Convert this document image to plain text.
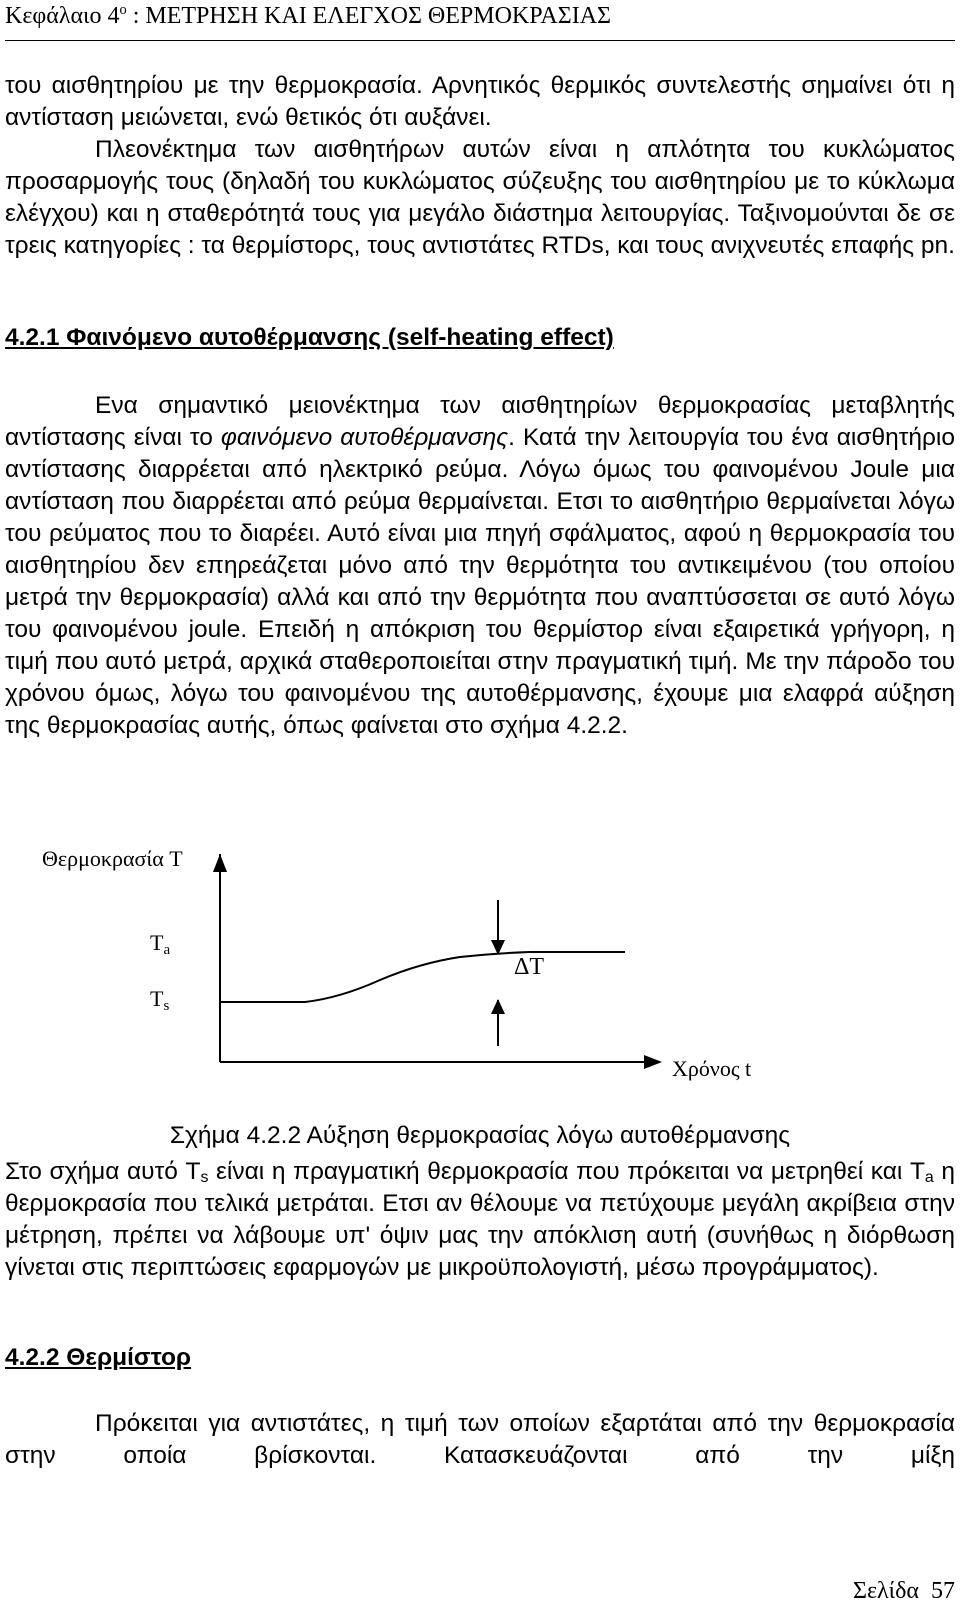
Κεφάλαιο $4^o$ : ΜΕΤΡΗΣΗ ΚΑΙ ΕΛΕΓΧΟΣ ΘΕΡΜΟΚΡΑΣΙΑΣ
του αισθητηρίου με την θερμοκρασία. Αρνητικός θερμικός συντελεστής σημαίνει ότι η αντίσταση μειώνεται, ενώ θετικός ότι αυξάνει.
Πλεονέκτημα των αισθητήρων αυτών είναι η απλότητα του κυκλώματος προσαρμογής τους (δηλαδή του κυκλώματος σύζευξης του αισθητηρίου με το κύκλωμα ελέγχου) και η σταθερότητά τους για μεγάλο διάστημα λειτουργίας. Ταξινομούνται δε σε τρεις κατηγορίες : τα θερμίστορς, τους αντιστάτες RTDs, και τους ανιχνευτές επαφής pn.
4.2.1 Φαινόμενο αυτοθέρμανσης (self-heating effect)
Ενα σημαντικό μειονέκτημα των αισθητηρίων θερμοκρασίας μεταβλητής αντίστασης είναι το φαινόμενο αυτοθέρμανσης. Κατά την λειτουργία του ένα αισθητήριο αντίστασης διαρρέεται από ηλεκτρικό ρεύμα. Λόγω όμως του φαινομένου Joule μια αντίσταση που διαρρέεται από ρεύμα θερμαίνεται. Ετσι το αισθητήριο θερμαίνεται λόγω του ρεύματος που το διαρέει. Αυτό είναι μια πηγή σφάλματος, αφού η θερμοκρασία του αισθητηρίου δεν επηρεάζεται μόνο από την θερμότητα του αντικειμένου (του οποίου μετρά την θερμοκρασία) αλλά και από την θερμότητα που αναπτύσσεται σε αυτό λόγω του φαινομένου joule. Επειδή η απόκριση του θερμίστορ είναι εξαιρετικά γρήγορη, η τιμή που αυτό μετρά, αρχικά σταθεροποιείται στην πραγματική τιμή. Με την πάροδο του χρόνου όμως, λόγω του φαινομένου της αυτοθέρμανσης, έχουμε μια ελαφρά αύξηση της θερμοκρασίας αυτής, όπως φαίνεται στο σχήμα 4.2.2.
Θερμοκρασία T
Ta
Ts
ΔT
Χρόνος t
Σχήμα 4.2.2 Αύξηση θερμοκρασίας λόγω αυτοθέρμανσης
Στο σχήμα αυτό $T_s$ είναι η πραγματική θερμοκρασία που πρόκειται να μετρηθεί και $T_a$ η θερμοκρασία που τελικά μετράται. Ετσι αν θέλουμε να πετύχουμε μεγάλη ακρίβεια στην μέτρηση, πρέπει να λάβουμε υπ' όψιν μας την απόκλιση αυτή (συνήθως η διόρθωση γίνεται στις περιπτώσεις εφαρμογών με μικροϋπολογιστή, μέσω προγράμματος).
4.2.2 Θερμίστορ
Πρόκειται για αντιστάτες, η τιμή των οποίων εξαρτάται από την θερμοκρασία στην οποία βρίσκονται. Κατασκευάζονται από την μίξη
Σελίδα 57
